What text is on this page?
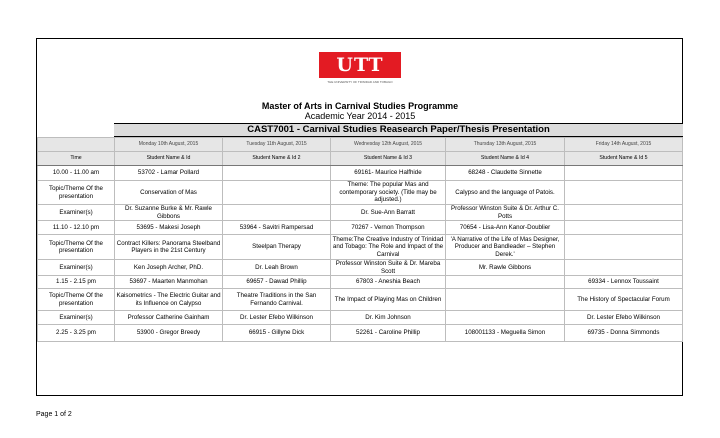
UTT
THE UNIVERSITY OF TRINIDAD AND TOBAGO
Master of Arts in Carnival Studies Programme
Academic Year 2014 - 2015
CAST7001 - Carnival Studies Reasearch Paper/Thesis Presentation
	Monday 10th August, 2015	Tuesday 11th August, 2015	Wednesday 12th August, 2015	Thursday 13th August, 2015	Friday 14th August, 2015
Time	Student Name & Id	Student Name & Id 2	Student Name & Id 3	Student Name & Id 4	Student Name & Id 5
10.00 - 11.00 am	53702 - Lamar Pollard		69161- Maurice Halfhide	68248 - Claudette Sinnette	
Topic/Theme Of the presentation	Conservation of Mas		Theme: The popular Mas and contemporary society. (Title may be adjusted.)	Calypso and the language of Patois.	
Examiner(s)	Dr. Suzanne Burke & Mr. Rawle Gibbons		Dr. Sue-Ann Barratt	Professor Winston Suite & Dr. Arthur C. Potts	
11.10 - 12.10 pm	53695 - Makesi Joseph	53964 - Savitri Rampersad	70267 - Vernon Thompson	70654 - Lisa-Ann Kanor-Doublier	
Topic/Theme Of the presentation	Contract Killers: Panorama Steelband Players in the 21st Century	Steelpan Therapy	Theme:The Creative Industry of Trinidad and Tobago: The Role and Impact of the Carnival	'A Narrative of the Life of Mas Designer, Producer and Bandleader – Stephen Derek.'	
Examiner(s)	Ken Joseph Archer, PhD.	Dr. Leah Brown	Professor Winston Suite & Dr. Mareba Scott	Mr. Rawle Gibbons	
1.15 - 2.15 pm	53697 - Maarten Manmohan	69657 - Dawad Phillip	67803 - Aneshia Beach		69334 - Lennox Toussaint
Topic/Theme Of the presentation	Kaisometrics - The Electric Guitar and its Influence on Calypso	Theatre Traditions in the San Fernando Carnival.	The Impact of Playing Mas on Children		The History of Spectacular Forum
Examiner(s)	Professor Catherine Gainham	Dr. Lester Efebo Wilkinson	Dr. Kim Johnson		Dr. Lester Efebo Wilkinson
2.25 - 3.25 pm	53900 - Gregor Breedy	66915 - Gillyne Dick	52261 - Caroline Phillip	108001133 - Meguella Simon	69735 - Donna Simmonds
Page 1 of 2
